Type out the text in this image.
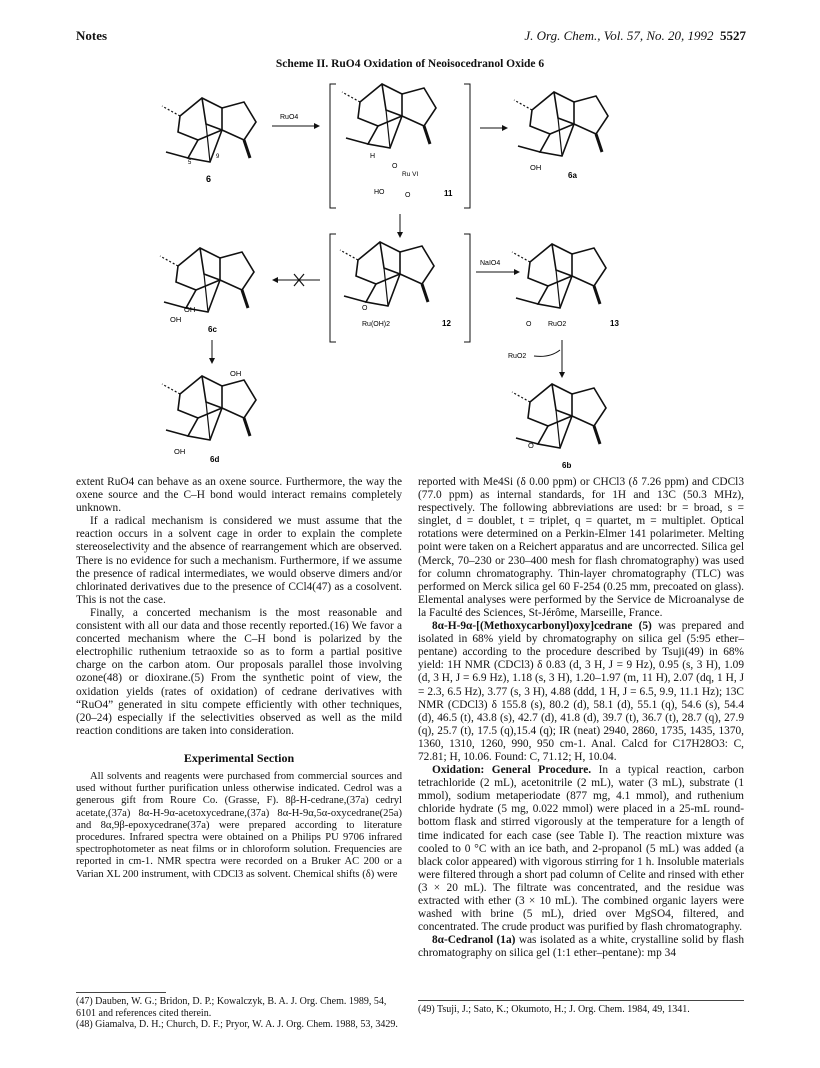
Notes	J. Org. Chem., Vol. 57, No. 20, 1992 5527
Scheme II. RuO4 Oxidation of Neoisocedranol Oxide 6
6
5
9
RuO4
H
O
Ru VI
HO	O	11
OH
6a
O
Ru(OH)2	12
OH
OH
6c
OH
OH
6d
NaIO4
O RuO2	13
RuO2
O
6b

extent RuO4 can behave as an oxene source. Furthermore, the way the oxene source and the C–H bond would interact remains completely unknown.

If a radical mechanism is considered we must assume that the reaction occurs in a solvent cage in order to explain the complete stereoselectivity and the absence of rearrangement which are observed. There is no evidence for such a mechanism. Furthermore, if we assume the presence of radical intermediates, we would observe dimers and/or chlorinated derivatives due to the presence of CCl4(47) as a cosolvent. This is not the case.

Finally, a concerted mechanism is the most reasonable and consistent with all our data and those recently reported.(16) We favor a concerted mechanism where the C–H bond is polarized by the electrophilic ruthenium tetraoxide so as to form a partial positive charge on the carbon atom. Our proposals parallel those involving ozone(48) or dioxirane.(5) From the synthetic point of view, the oxidation yields (rates of oxidation) of cedrane derivatives with “RuO4” generated in situ compete efficiently with other techniques,(20–24) especially if the selectivities observed as well as the mild reaction conditions are taken into consideration.

Experimental Section

All solvents and reagents were purchased from commercial sources and used without further purification unless otherwise indicated. Cedrol was a generous gift from Roure Co. (Grasse, F). 8β-H-cedrane,(37a) cedryl acetate,(37a) 8α-H-9α-acetoxycedrane,(37a) 8α-H-9α,5α-oxycedrane(25a) and 8α,9β-epoxycedrane(37a) were prepared according to literature procedures. Infrared spectra were obtained on a Philips PU 9706 infrared spectrophotometer as neat films or in chloroform solution. Frequencies are reported in cm-1. NMR spectra were recorded on a Bruker AC 200 or a Varian XL 200 instrument, with CDCl3 as solvent. Chemical shifts (δ) were

reported with Me4Si (δ 0.00 ppm) or CHCl3 (δ 7.26 ppm) and CDCl3 (77.0 ppm) as internal standards, for 1H and 13C (50.3 MHz), respectively. The following abbreviations are used: br = broad, s = singlet, d = doublet, t = triplet, q = quartet, m = multiplet. Optical rotations were determined on a Perkin-Elmer 141 polarimeter. Melting point were taken on a Reichert apparatus and are uncorrected. Silica gel (Merck, 70–230 or 230–400 mesh for flash chromatography) was used for column chromatography. Thin-layer chromatography (TLC) was performed on Merck silica gel 60 F-254 (0.25 mm, precoated on glass). Elemental analyses were performed by the Service de Microanalyse de la Faculté des Sciences, St-Jérôme, Marseille, France.

8α-H-9α-[(Methoxycarbonyl)oxy]cedrane (5) was prepared and isolated in 68% yield by chromatography on silica gel (5:95 ether–pentane) according to the procedure described by Tsuji(49) in 68% yield: 1H NMR (CDCl3) δ 0.83 (d, 3 H, J = 9 Hz), 0.95 (s, 3 H), 1.09 (d, 3 H, J = 6.9 Hz), 1.18 (s, 3 H), 1.20–1.97 (m, 11 H), 2.07 (dq, 1 H, J = 2.3, 6.5 Hz), 3.77 (s, 3 H), 4.88 (ddd, 1 H, J = 6.5, 9.9, 11.1 Hz); 13C NMR (CDCl3) δ 155.8 (s), 80.2 (d), 58.1 (d), 55.1 (q), 54.6 (s), 54.4 (d), 46.5 (t), 43.8 (s), 42.7 (d), 41.8 (d), 39.7 (t), 36.7 (t), 28.7 (q), 27.9 (q), 25.7 (t), 17.5 (q),15.4 (q); IR (neat) 2940, 2860, 1735, 1435, 1370, 1360, 1310, 1260, 990, 950 cm-1. Anal. Calcd for C17H28O3: C, 72.81; H, 10.06. Found: C, 71.12; H, 10.04.

Oxidation: General Procedure. In a typical reaction, carbon tetrachloride (2 mL), acetonitrile (2 mL), water (3 mL), substrate (1 mmol), sodium metaperiodate (877 mg, 4.1 mmol), and ruthenium chloride hydrate (5 mg, 0.022 mmol) were placed in a 25-mL round-bottom flask and stirred vigorously at the temperature for a length of time indicated for each case (see Table I). The reaction mixture was cooled to 0 °C with an ice bath, and 2-propanol (5 mL) was added (a black color appeared) with vigorous stirring for 1 h. Insoluble materials were filtered through a short pad column of Celite and rinsed with ether (3 × 20 mL). The filtrate was concentrated, and the residue was extracted with ether (3 × 10 mL). The combined organic layers were washed with brine (5 mL), dried over MgSO4, filtered, and concentrated. The crude product was purified by flash chromatography.

8α-Cedranol (1a) was isolated as a white, crystalline solid by flash chromatography on silica gel (1:1 ether–pentane): mp 34

(47) Dauben, W. G.; Bridon, D. P.; Kowalczyk, B. A. J. Org. Chem. 1989, 54, 6101 and references cited therein.
(48) Giamalva, D. H.; Church, D. F.; Pryor, W. A. J. Org. Chem. 1988, 53, 3429.
(49) Tsuji, J.; Sato, K.; Okumoto, H.; J. Org. Chem. 1984, 49, 1341.
